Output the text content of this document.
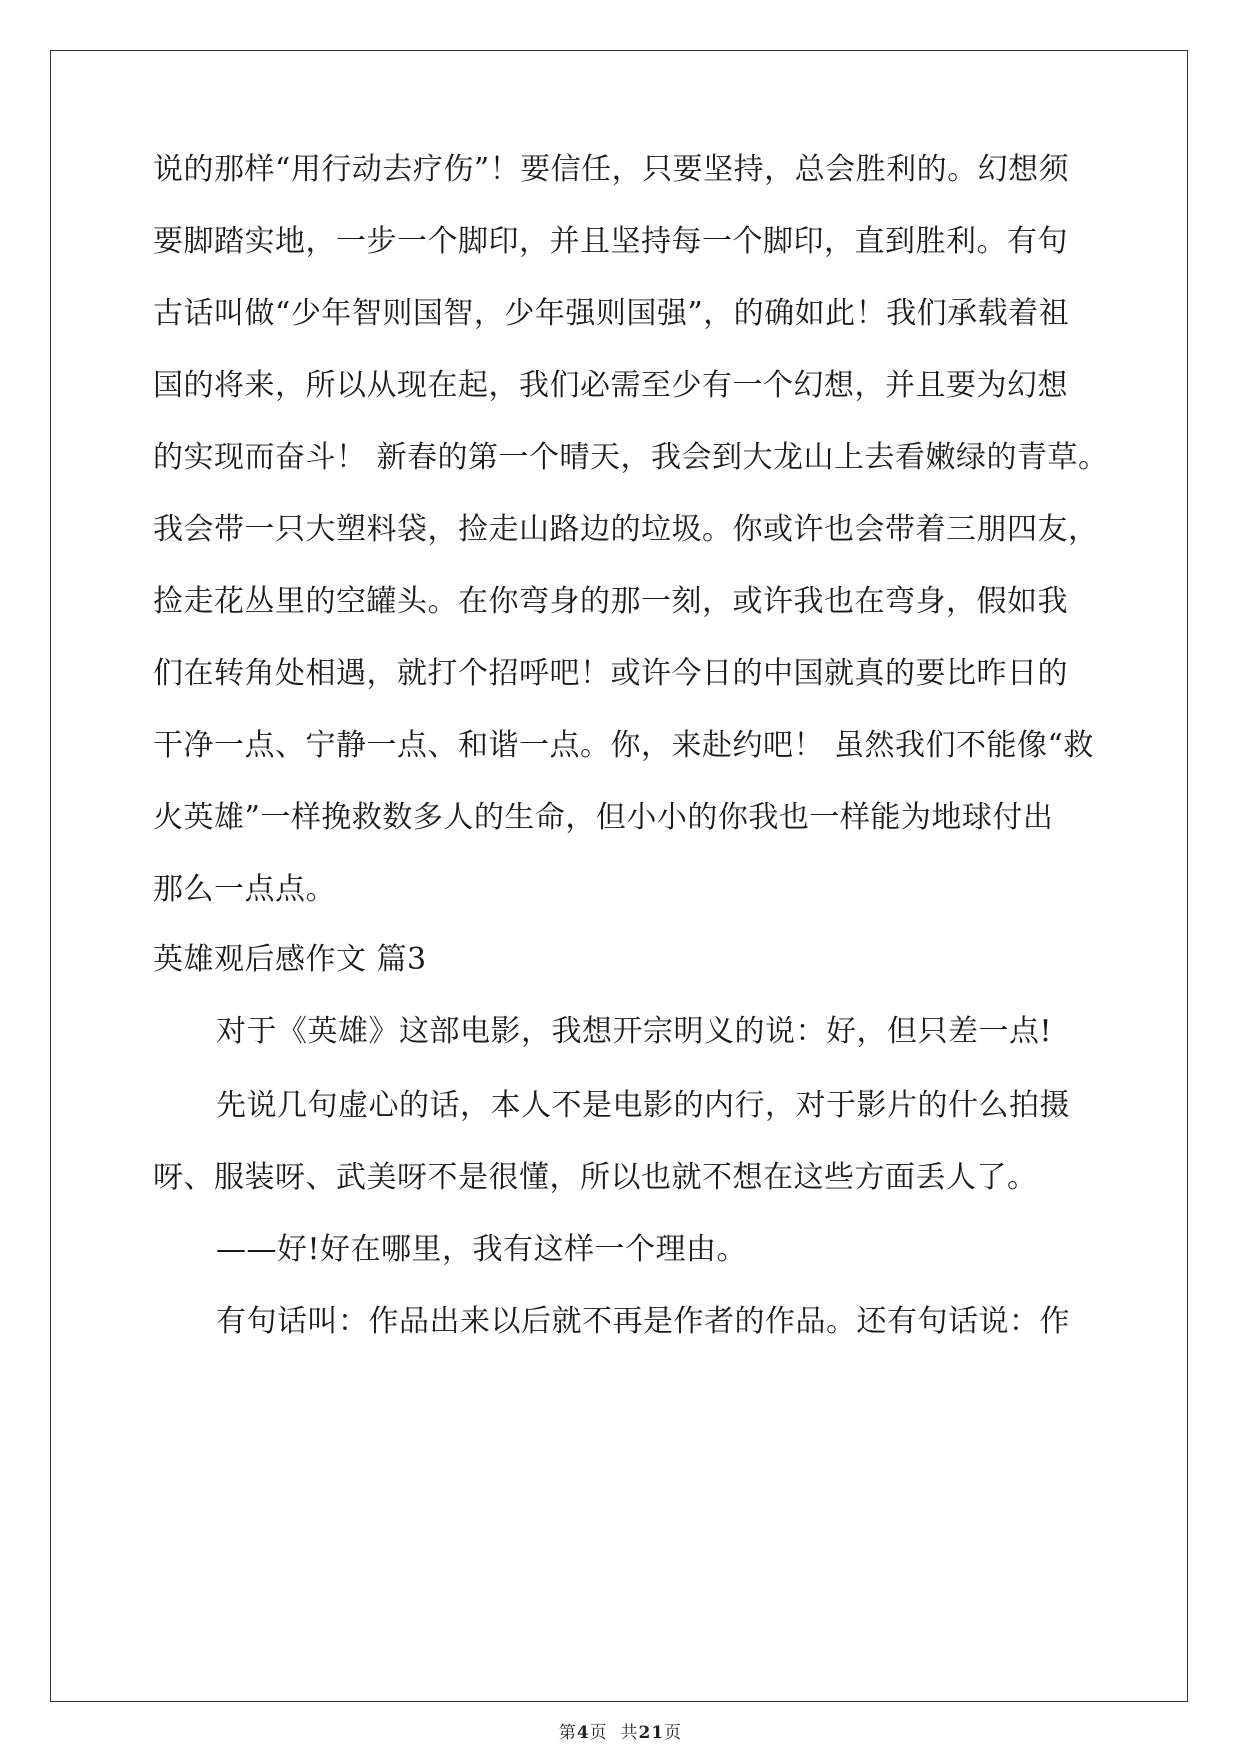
说的那样“用行动去疗伤”！要信任，只要坚持，总会胜利的。幻想须
要脚踏实地，一步一个脚印，并且坚持每一个脚印，直到胜利。有句
古话叫做“少年智则国智，少年强则国强”，的确如此！我们承载着祖
国的将来，所以从现在起，我们必需至少有一个幻想，并且要为幻想
的实现而奋斗！ 新春的第一个晴天，我会到大龙山上去看嫩绿的青草。
我会带一只大塑料袋，捡走山路边的垃圾。你或许也会带着三朋四友，
捡走花丛里的空罐头。在你弯身的那一刻，或许我也在弯身，假如我
们在转角处相遇，就打个招呼吧！或许今日的中国就真的要比昨日的
干净一点、宁静一点、和谐一点。你，来赴约吧！ 虽然我们不能像“救
火英雄”一样挽救数多人的生命，但小小的你我也一样能为地球付出
那么一点点。
英雄观后感作文 篇3
对于《英雄》这部电影，我想开宗明义的说：好，但只差一点!
先说几句虚心的话，本人不是电影的内行，对于影片的什么拍摄
呀、服装呀、武美呀不是很懂，所以也就不想在这些方面丢人了。
——好!好在哪里，我有这样一个理由。
有句话叫：作品出来以后就不再是作者的作品。还有句话说：作
第4页  共21页
